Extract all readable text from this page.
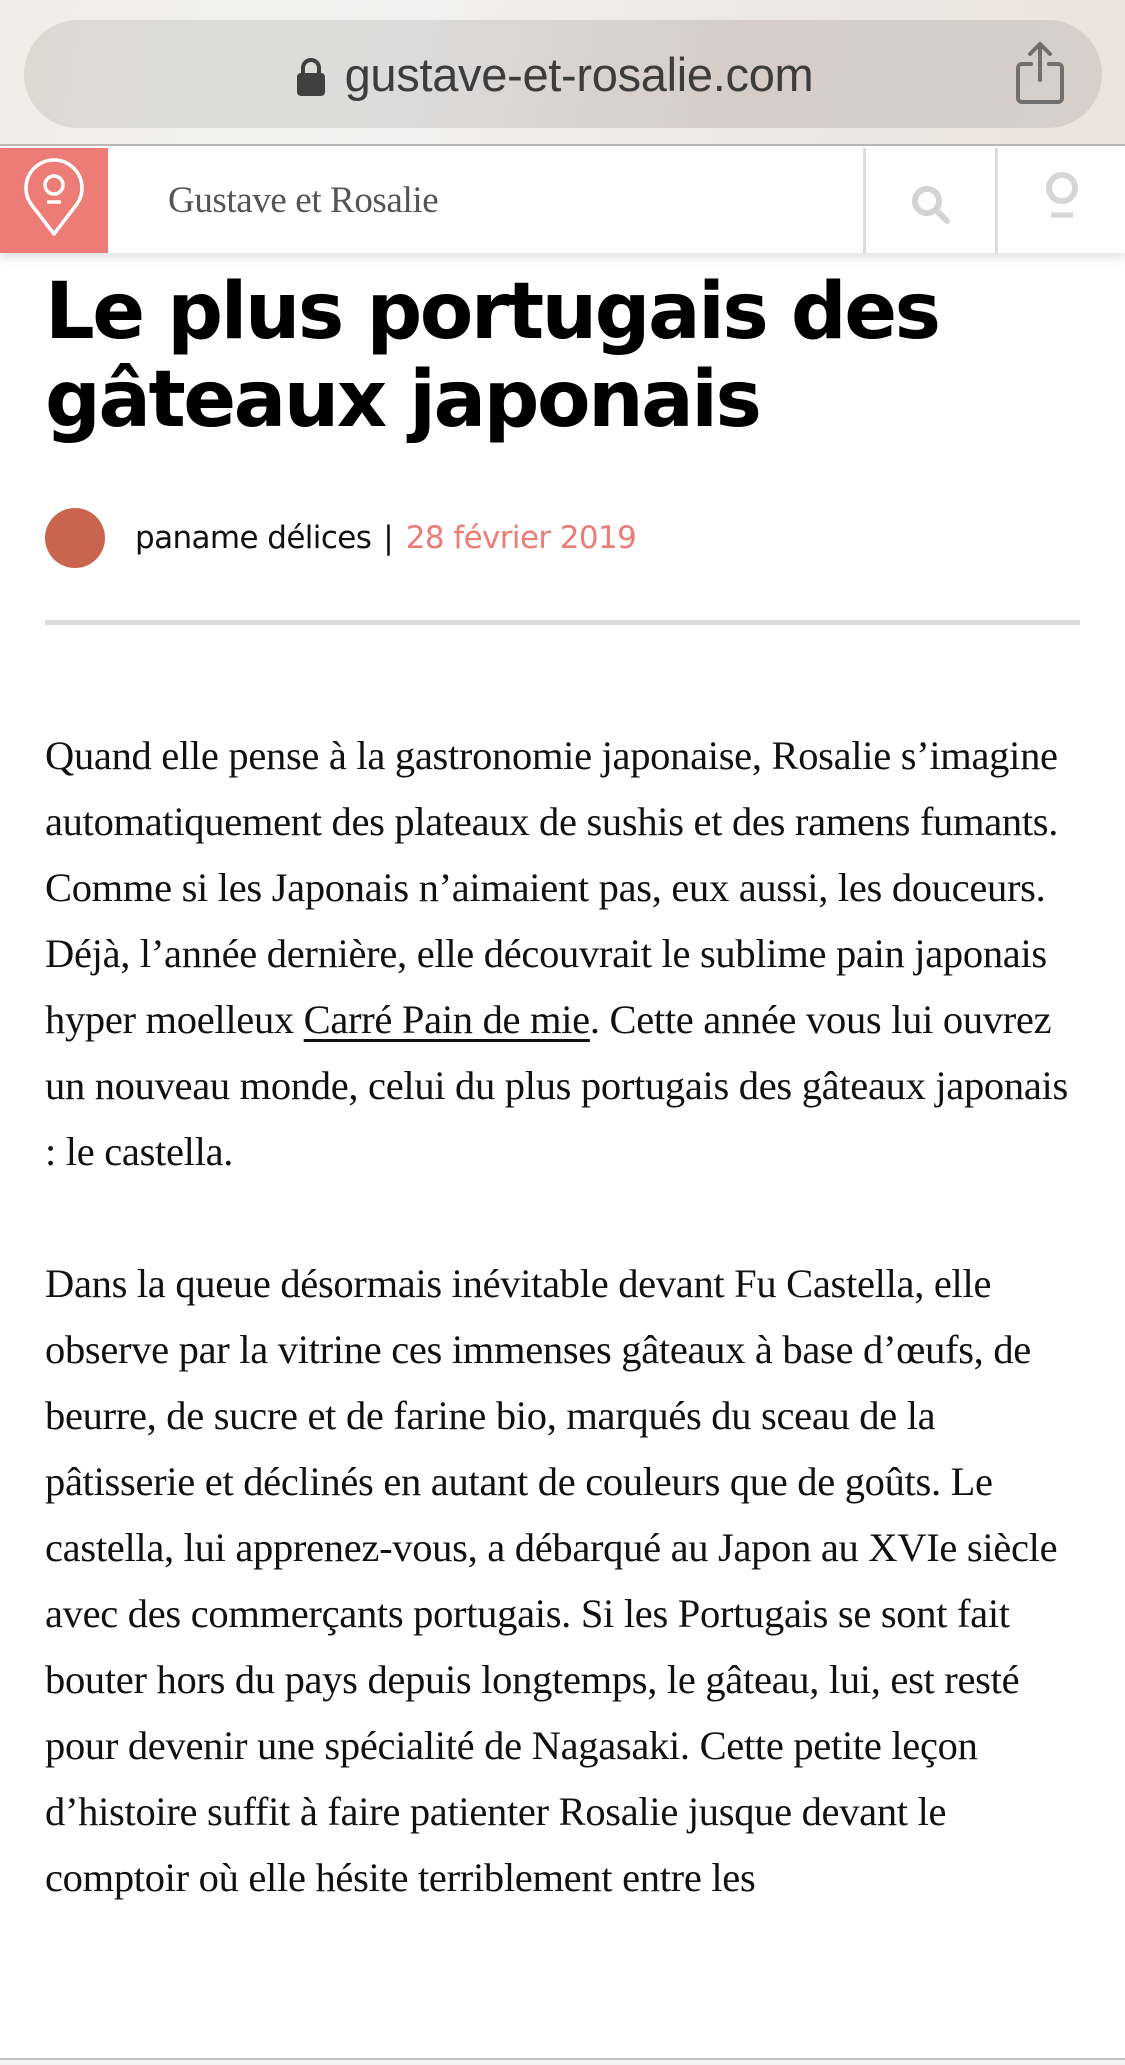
gustave-et-rosalie.com
Gustave et Rosalie
Le plus portugais des gâteaux japonais
paname délices | 28 février 2019

Quand elle pense à la gastronomie japonaise, Rosalie s’imagine automatiquement des plateaux de sushis et des ramens fumants. Comme si les Japonais n’aimaient pas, eux aussi, les douceurs. Déjà, l’année dernière, elle découvrait le sublime pain japonais hyper moelleux Carré Pain de mie. Cette année vous lui ouvrez un nouveau monde, celui du plus portugais des gâteaux japonais : le castella.

Dans la queue désormais inévitable devant Fu Castella, elle observe par la vitrine ces immenses gâteaux à base d’œufs, de beurre, de sucre et de farine bio, marqués du sceau de la pâtisserie et déclinés en autant de couleurs que de goûts. Le castella, lui apprenez-vous, a débarqué au Japon au XVIe siècle avec des commerçants portugais. Si les Portugais se sont fait bouter hors du pays depuis longtemps, le gâteau, lui, est resté pour devenir une spécialité de Nagasaki. Cette petite leçon d’histoire suffit à faire patienter Rosalie jusque devant le comptoir où elle hésite terriblement entre les
